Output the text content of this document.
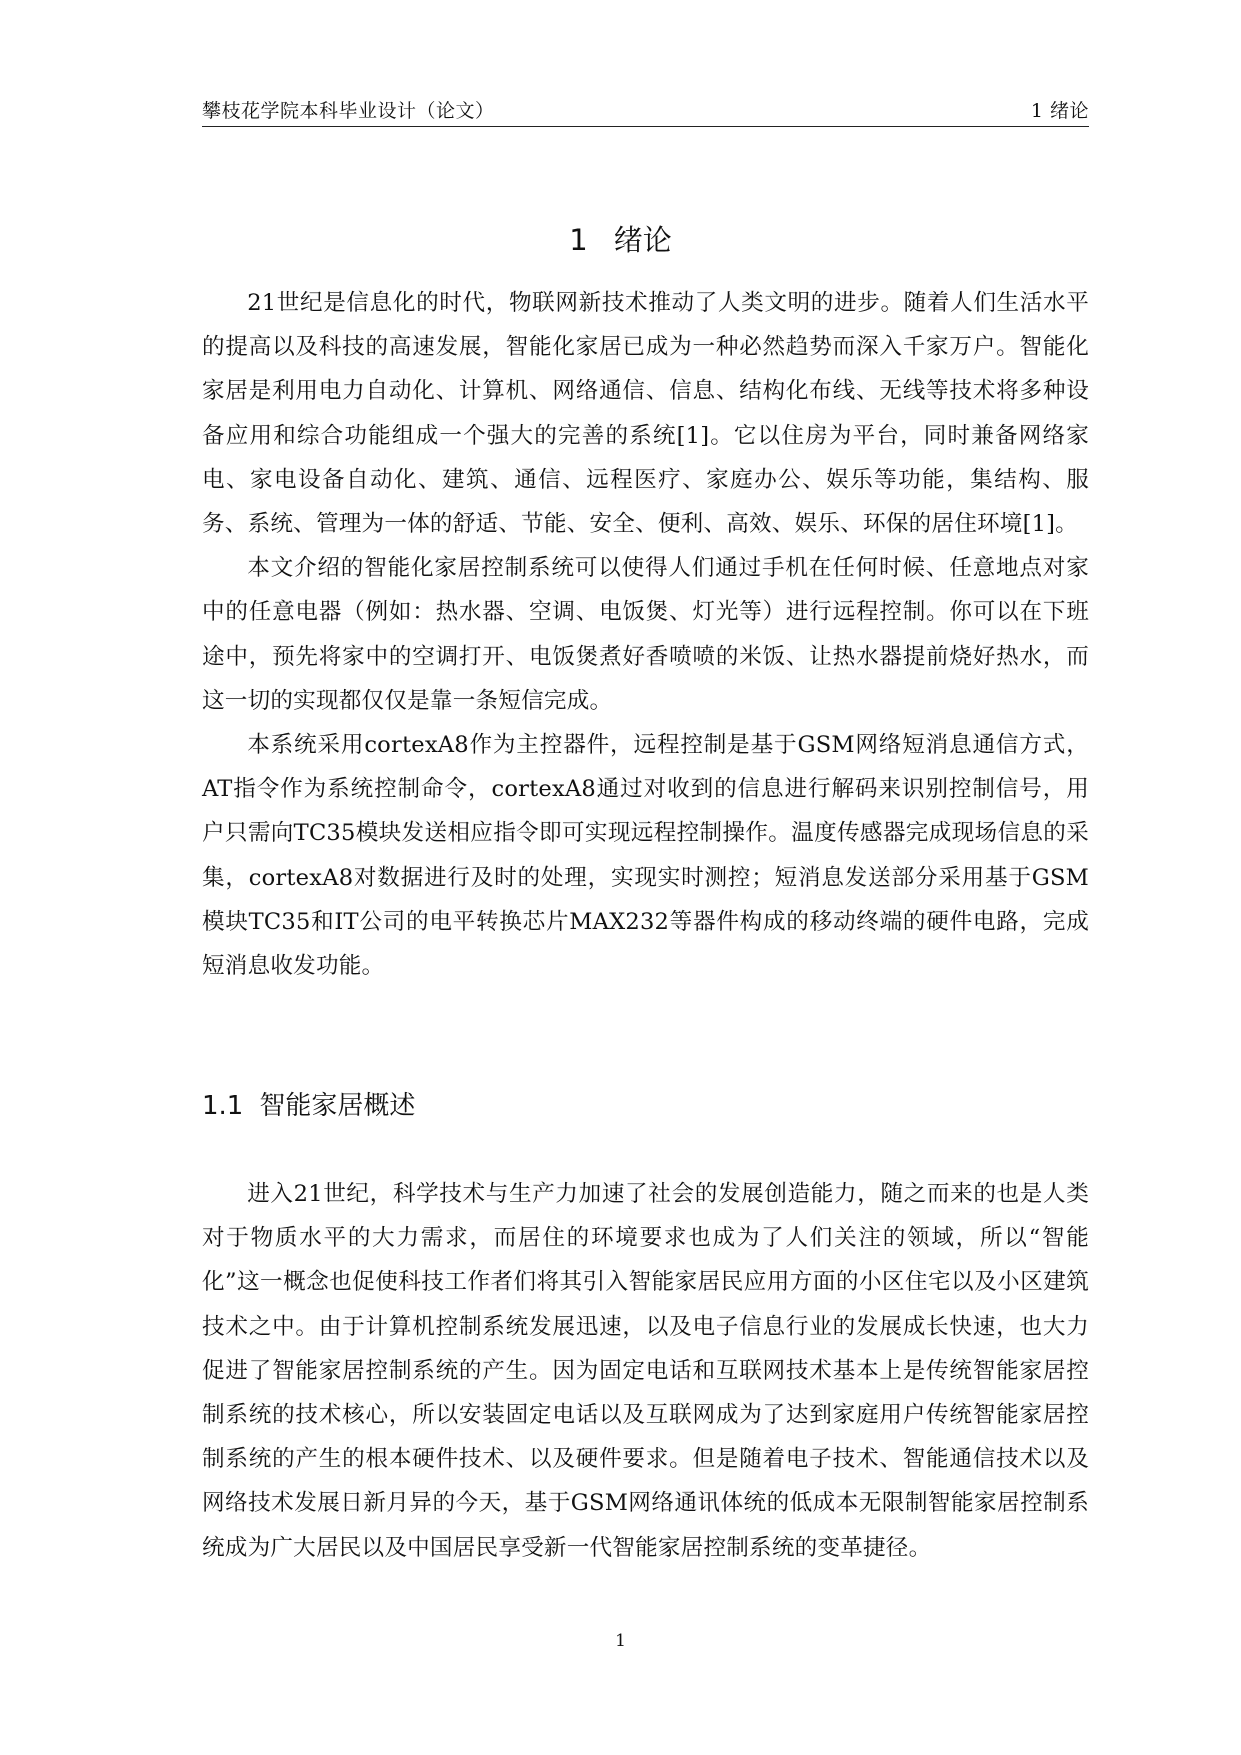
攀枝花学院本科毕业设计（论文）	1 绪论
1 绪论

21世纪是信息化的时代，物联网新技术推动了人类文明的进步。随着人们生活水平的提高以及科技的高速发展，智能化家居已成为一种必然趋势而深入千家万户。智能化家居是利用电力自动化、计算机、网络通信、信息、结构化布线、无线等技术将多种设备应用和综合功能组成一个强大的完善的系统[1]。它以住房为平台，同时兼备网络家电、家电设备自动化、建筑、通信、远程医疗、家庭办公、娱乐等功能，集结构、服务、系统、管理为一体的舒适、节能、安全、便利、高效、娱乐、环保的居住环境[1]。

本文介绍的智能化家居控制系统可以使得人们通过手机在任何时候、任意地点对家中的任意电器（例如：热水器、空调、电饭煲、灯光等）进行远程控制。你可以在下班途中，预先将家中的空调打开、电饭煲煮好香喷喷的米饭、让热水器提前烧好热水，而这一切的实现都仅仅是靠一条短信完成。

本系统采用cortexA8作为主控器件，远程控制是基于GSM网络短消息通信方式，AT指令作为系统控制命令，cortexA8通过对收到的信息进行解码来识别控制信号，用户只需向TC35模块发送相应指令即可实现远程控制操作。温度传感器完成现场信息的采集，cortexA8对数据进行及时的处理，实现实时测控；短消息发送部分采用基于GSM模块TC35和IT公司的电平转换芯片MAX232等器件构成的移动终端的硬件电路，完成短消息收发功能。

1.1 智能家居概述

进入21世纪，科学技术与生产力加速了社会的发展创造能力，随之而来的也是人类对于物质水平的大力需求，而居住的环境要求也成为了人们关注的领域，所以“智能化”这一概念也促使科技工作者们将其引入智能家居民应用方面的小区住宅以及小区建筑技术之中。由于计算机控制系统发展迅速，以及电子信息行业的发展成长快速，也大力促进了智能家居控制系统的产生。因为固定电话和互联网技术基本上是传统智能家居控制系统的技术核心，所以安装固定电话以及互联网成为了达到家庭用户传统智能家居控制系统的产生的根本硬件技术、以及硬件要求。但是随着电子技术、智能通信技术以及网络技术发展日新月异的今天，基于GSM网络通讯体统的低成本无限制智能家居控制系统成为广大居民以及中国居民享受新一代智能家居控制系统的变革捷径。

1
